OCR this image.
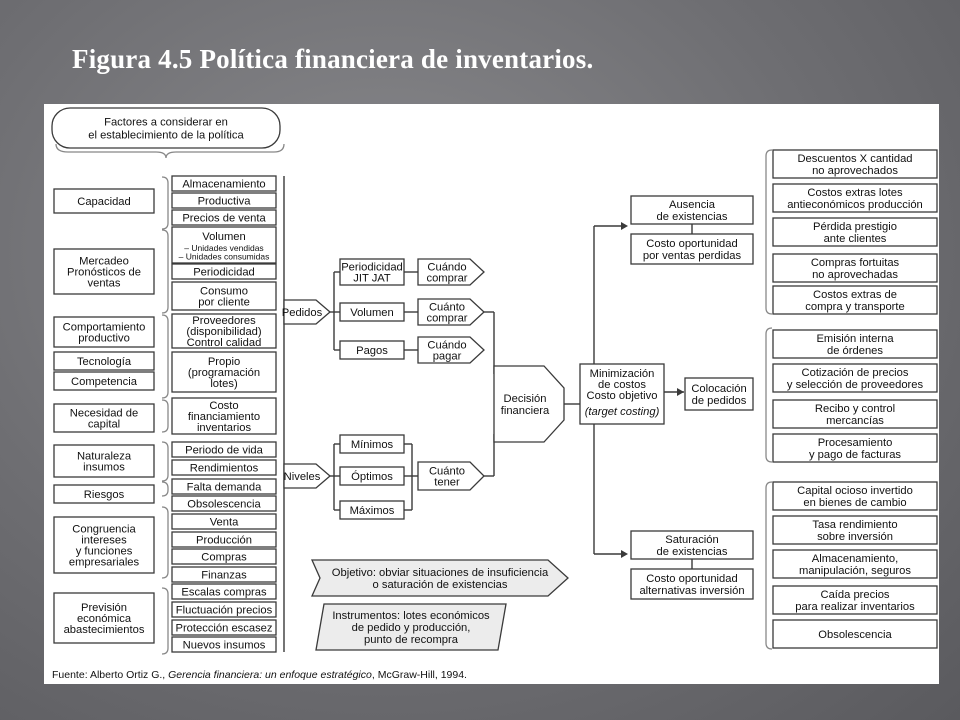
Figura 4.5 Política financiera de inventarios.
Factores a considerar en el establecimiento de la política
Capacidad
Mercadeo Pronósticos de ventas
Comportamiento productivo
Tecnología
Competencia
Necesidad de capital
Naturaleza insumos
Riesgos
Congruencia intereses y funciones empresariales
Previsión económica abastecimientos
Almacenamiento
Productiva
Precios de venta
Volumen
– Unidades vendidas – Unidades consumidas
Periodicidad
Consumo por cliente
Proveedores (disponibilidad) Control calidad
Propio (programación lotes)
Costo financiamiento inventarios
Periodo de vida
Rendimientos
Falta demanda
Obsolescencia
Venta
Producción
Compras
Finanzas
Escalas compras
Fluctuación precios
Protección escasez
Nuevos insumos
Pedidos
Niveles
Periodicidad JIT JAT
Volumen
Pagos
Cuándo comprar
Cuánto comprar
Cuándo pagar
Mínimos
Óptimos
Máximos
Cuánto tener
Decisión financiera
Minimización de costos Costo objetivo
(target costing)
Ausencia de existencias
Costo oportunidad por ventas perdidas
Colocación de pedidos
Saturación de existencias
Costo oportunidad alternativas inversión
Descuentos X cantidad no aprovechados
Costos extras lotes antieconómicos producción
Pérdida prestigio ante clientes
Compras fortuitas no aprovechadas
Costos extras de compra y transporte
Emisión interna de órdenes
Cotización de precios y selección de proveedores
Recibo y control mercancías
Procesamiento y pago de facturas
Capital ocioso invertido en bienes de cambio
Tasa rendimiento sobre inversión
Almacenamiento, manipulación, seguros
Caída precios para realizar inventarios
Obsolescencia
Objetivo: obviar situaciones de insuficiencia o saturación de existencias
Instrumentos: lotes económicos de pedido y producción, punto de recompra
Fuente: Alberto Ortiz G., Gerencia financiera: un enfoque estratégico, McGraw-Hill, 1994.
